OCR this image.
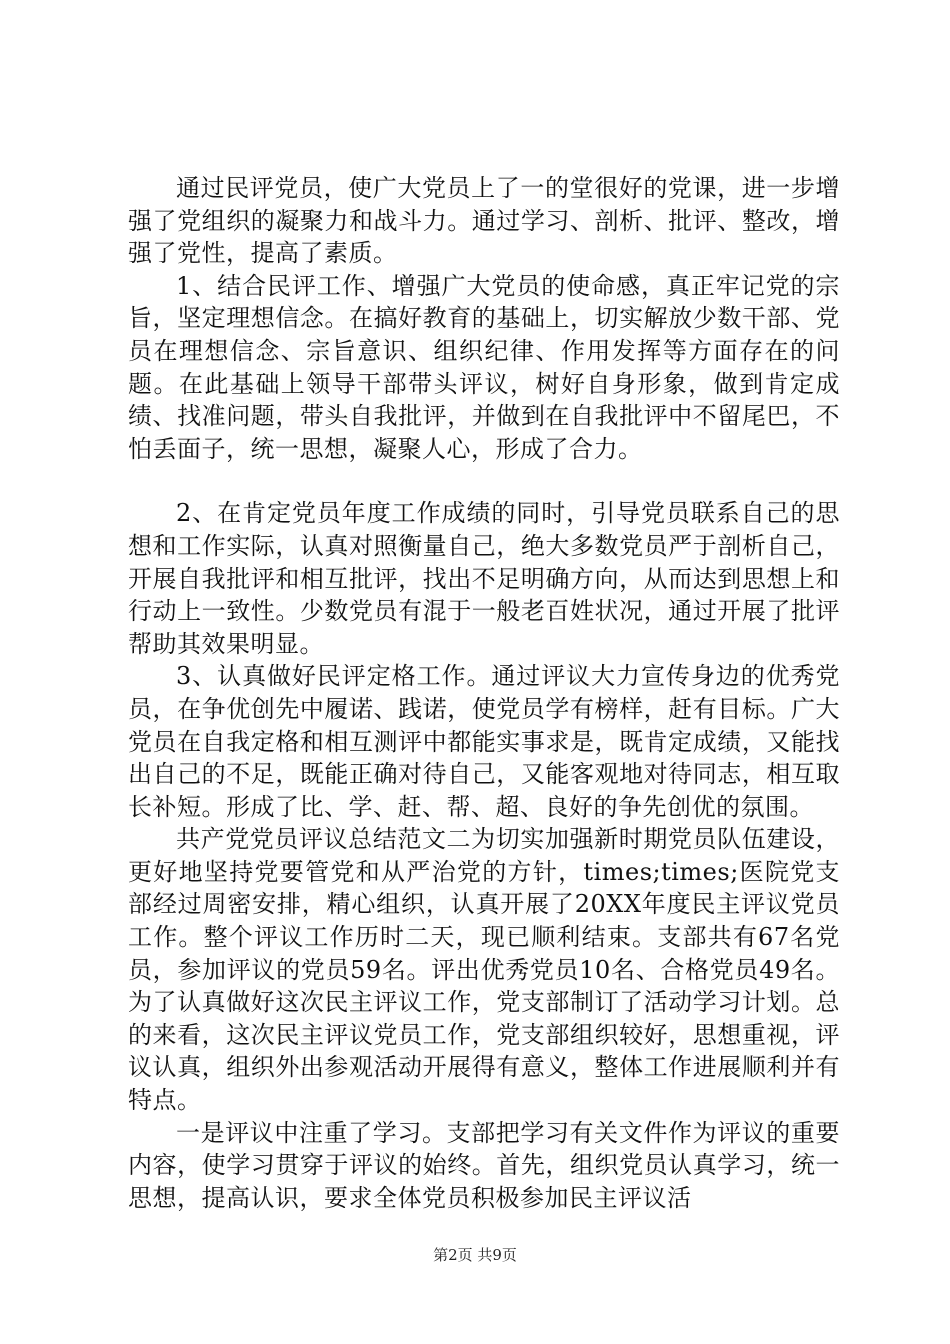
通过民评党员，使广大党员上了一的堂很好的党课，进一步增强了党组织的凝聚力和战斗力。通过学习、剖析、批评、整改，增强了党性，提高了素质。

1、结合民评工作、增强广大党员的使命感，真正牢记党的宗旨，坚定理想信念。在搞好教育的基础上，切实解放少数干部、党员在理想信念、宗旨意识、组织纪律、作用发挥等方面存在的问题。在此基础上领导干部带头评议，树好自身形象，做到肯定成绩、找准问题，带头自我批评，并做到在自我批评中不留尾巴，不怕丢面子，统一思想，凝聚人心，形成了合力。

2、在肯定党员年度工作成绩的同时，引导党员联系自己的思想和工作实际，认真对照衡量自己，绝大多数党员严于剖析自己，开展自我批评和相互批评，找出不足明确方向，从而达到思想上和行动上一致性。少数党员有混于一般老百姓状况，通过开展了批评帮助其效果明显。

3、认真做好民评定格工作。通过评议大力宣传身边的优秀党员，在争优创先中履诺、践诺，使党员学有榜样，赶有目标。广大党员在自我定格和相互测评中都能实事求是，既肯定成绩，又能找出自己的不足，既能正确对待自己，又能客观地对待同志，相互取长补短。形成了比、学、赶、帮、超、良好的争先创优的氛围。

共产党党员评议总结范文二为切实加强新时期党员队伍建设，更好地坚持党要管党和从严治党的方针，times;times;医院党支部经过周密安排，精心组织，认真开展了20XX年度民主评议党员工作。整个评议工作历时二天，现已顺利结束。支部共有67名党员，参加评议的党员59名。评出优秀党员10名、合格党员49名。为了认真做好这次民主评议工作，党支部制订了活动学习计划。总的来看，这次民主评议党员工作，党支部组织较好，思想重视，评议认真，组织外出参观活动开展得有意义，整体工作进展顺利并有特点。

一是评议中注重了学习。支部把学习有关文件作为评议的重要内容，使学习贯穿于评议的始终。首先，组织党员认真学习，统一思想，提高认识，要求全体党员积极参加民主评议活

第2页 共9页
